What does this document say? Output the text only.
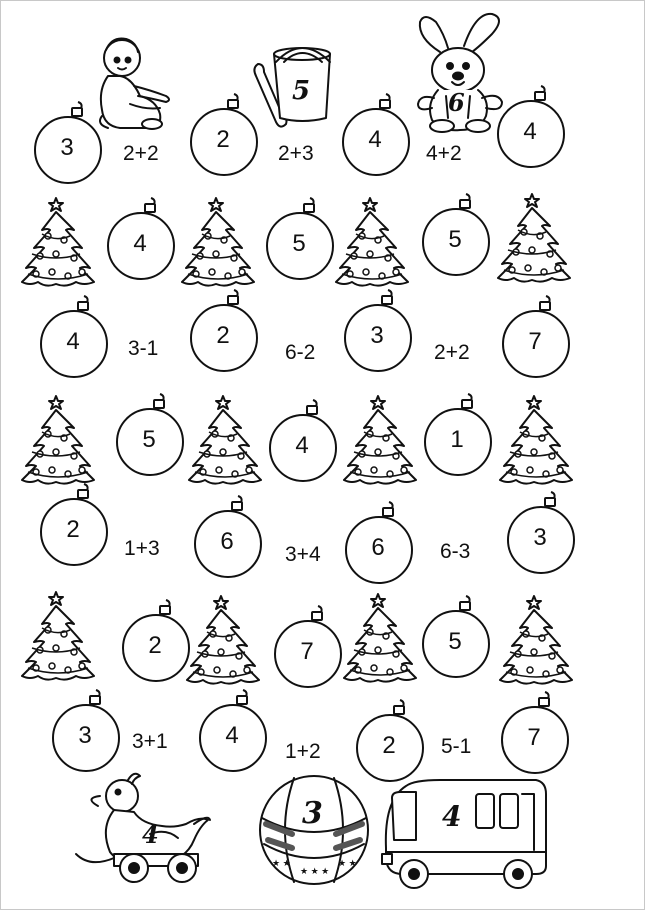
5	6
3	2+2
2
2+3
4
4+2
4
4	5	5
4	3-1	2
6-2
3
2+2	7
5	4	1
2
1+3	6	3+4	6	6-3
3
2	7	5
3	3+1	4
1+2	2	5-1	7
4
★ ★
★ ★ ★
★ ★
3	4
